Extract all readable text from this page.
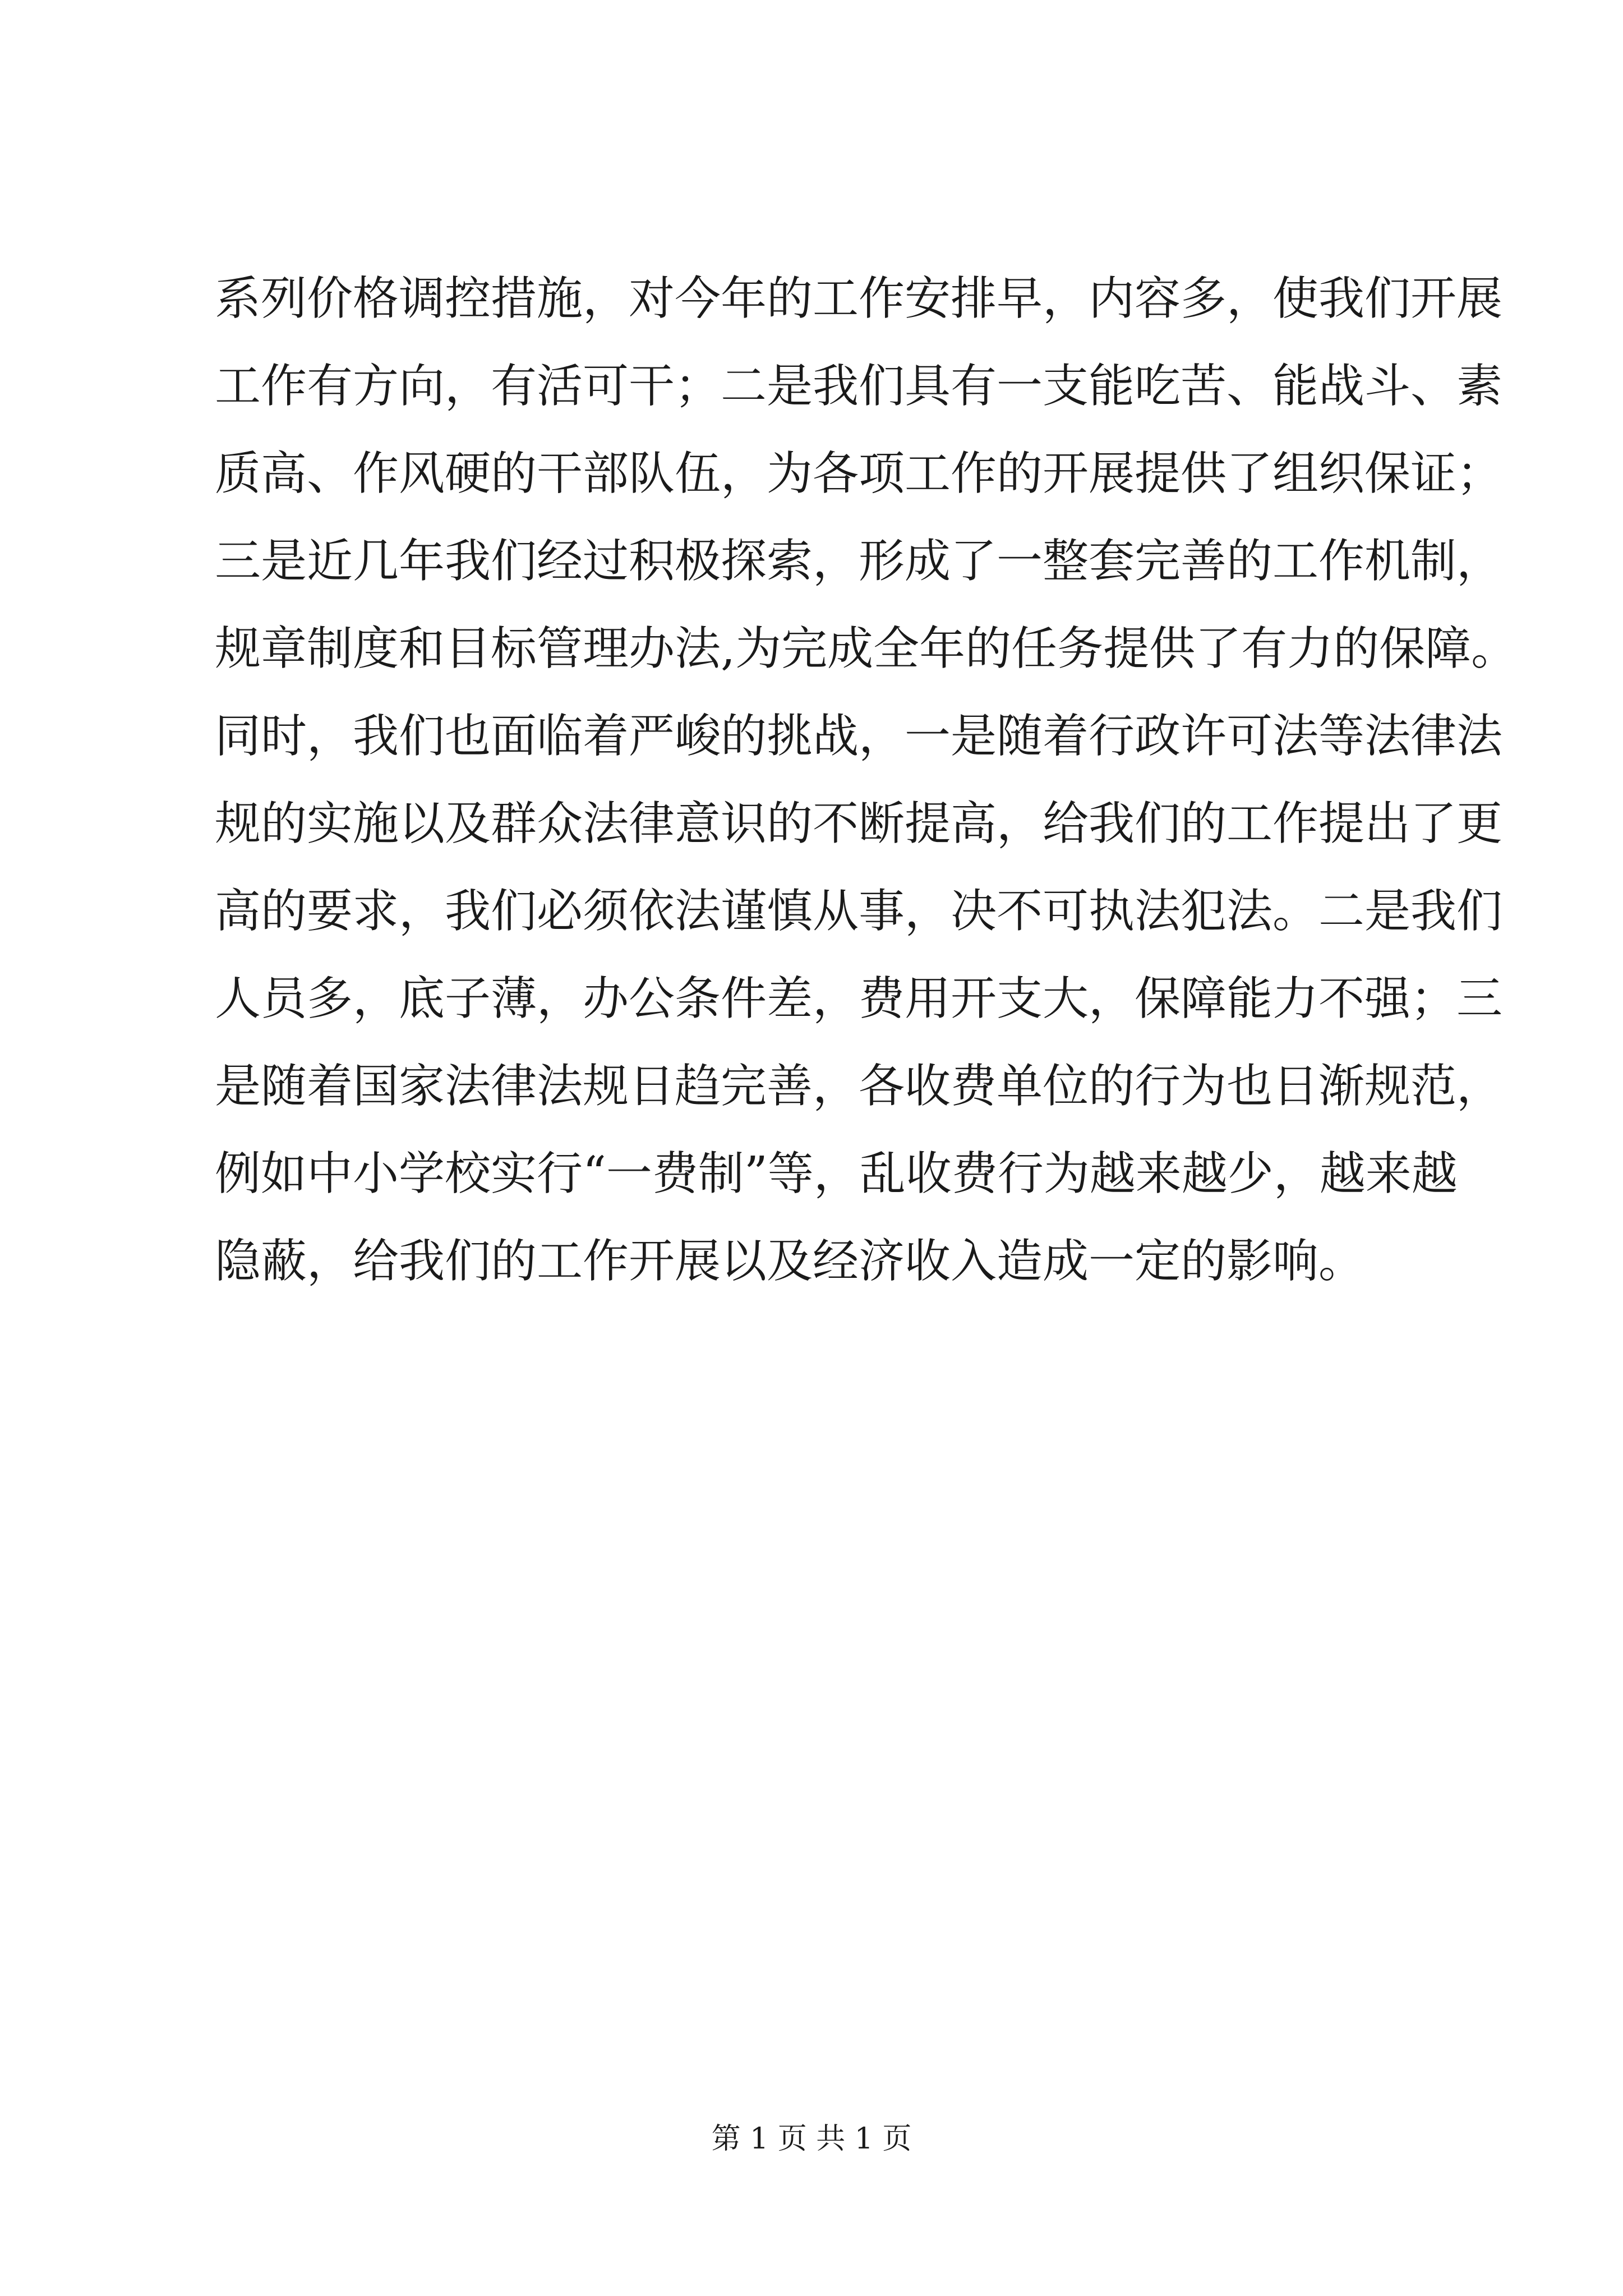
系列价格调控措施，对今年的工作安排早，内容多，使我们开展
工作有方向，有活可干；二是我们具有一支能吃苦、能战斗、素
质高、作风硬的干部队伍，为各项工作的开展提供了组织保证；
三是近几年我们经过积极探索，形成了一整套完善的工作机制，
规章制度和目标管理办法,为完成全年的任务提供了有力的保障。
同时，我们也面临着严峻的挑战，一是随着行政许可法等法律法
规的实施以及群众法律意识的不断提高，给我们的工作提出了更
高的要求，我们必须依法谨慎从事，决不可执法犯法。二是我们
人员多，底子薄，办公条件差，费用开支大，保障能力不强；三
是随着国家法律法规日趋完善，各收费单位的行为也日渐规范，
例如中小学校实行“一费制”等，乱收费行为越来越少，越来越
隐蔽，给我们的工作开展以及经济收入造成一定的影响。
第 1 页 共 1 页
